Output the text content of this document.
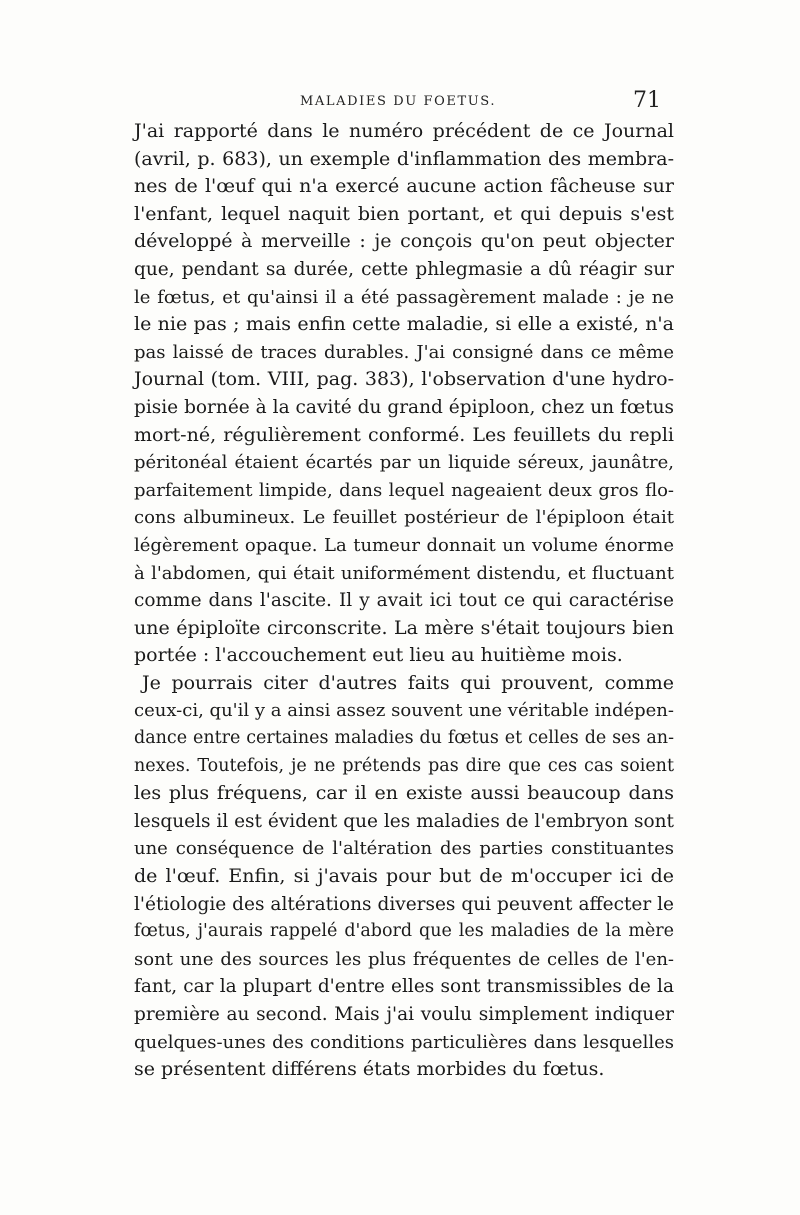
MALADIES DU FOETUS.	71
J'ai rapporté dans le numéro précédent de ce Journal
(avril, p. 683), un exemple d'inflammation des membra-
nes de l'œuf qui n'a exercé aucune action fâcheuse sur
l'enfant, lequel naquit bien portant, et qui depuis s'est
développé à merveille : je conçois qu'on peut objecter
que, pendant sa durée, cette phlegmasie a dû réagir sur
le fœtus, et qu'ainsi il a été passagèrement malade : je ne
le nie pas ; mais enfin cette maladie, si elle a existé, n'a
pas laissé de traces durables. J'ai consigné dans ce même
Journal (tom. VIII, pag. 383), l'observation d'une hydro-
pisie bornée à la cavité du grand épiploon, chez un fœtus
mort-né, régulièrement conformé. Les feuillets du repli
péritonéal étaient écartés par un liquide séreux, jaunâtre,
parfaitement limpide, dans lequel nageaient deux gros flo-
cons albumineux. Le feuillet postérieur de l'épiploon était
légèrement opaque. La tumeur donnait un volume énorme
à l'abdomen, qui était uniformément distendu, et fluctuant
comme dans l'ascite. Il y avait ici tout ce qui caractérise
une épiploïte circonscrite. La mère s'était toujours bien
portée : l'accouchement eut lieu au huitième mois.
Je pourrais citer d'autres faits qui prouvent, comme
ceux-ci, qu'il y a ainsi assez souvent une véritable indépen-
dance entre certaines maladies du fœtus et celles de ses an-
nexes. Toutefois, je ne prétends pas dire que ces cas soient
les plus fréquens, car il en existe aussi beaucoup dans
lesquels il est évident que les maladies de l'embryon sont
une conséquence de l'altération des parties constituantes
de l'œuf. Enfin, si j'avais pour but de m'occuper ici de
l'étiologie des altérations diverses qui peuvent affecter le
fœtus, j'aurais rappelé d'abord que les maladies de la mère
sont une des sources les plus fréquentes de celles de l'en-
fant, car la plupart d'entre elles sont transmissibles de la
première au second. Mais j'ai voulu simplement indiquer
quelques-unes des conditions particulières dans lesquelles
se présentent différens états morbides du fœtus.
